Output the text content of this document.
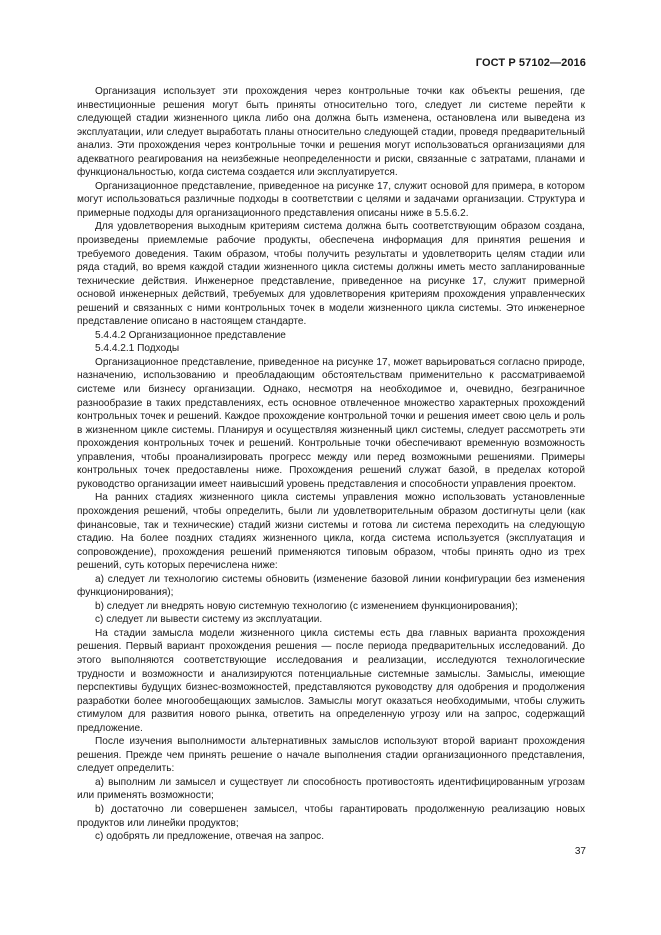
ГОСТ Р 57102—2016

Организация использует эти прохождения через контрольные точки как объекты решения, где инвестиционные решения могут быть приняты относительно того, следует ли системе перейти к следующей стадии жизненного цикла либо она должна быть изменена, остановлена или выведена из эксплуатации, или следует выработать планы относительно следующей стадии, проведя предварительный анализ. Эти прохождения через контрольные точки и решения могут использоваться организациями для адекватного реагирования на неизбежные неопределенности и риски, связанные с затратами, планами и функциональностью, когда система создается или эксплуатируется.

Организационное представление, приведенное на рисунке 17, служит основой для примера, в котором могут использоваться различные подходы в соответствии с целями и задачами организации. Структура и примерные подходы для организационного представления описаны ниже в 5.5.6.2.

Для удовлетворения выходным критериям система должна быть соответствующим образом создана, произведены приемлемые рабочие продукты, обеспечена информация для принятия решения и требуемого доведения. Таким образом, чтобы получить результаты и удовлетворить целям стадии или ряда стадий, во время каждой стадии жизненного цикла системы должны иметь место запланированные технические действия. Инженерное представление, приведенное на рисунке 17, служит примерной основой инженерных действий, требуемых для удовлетворения критериям прохождения управленческих решений и связанных с ними контрольных точек в модели жизненного цикла системы. Это инженерное представление описано в настоящем стандарте.

5.4.4.2 Организационное представление

5.4.4.2.1 Подходы

Организационное представление, приведенное на рисунке 17, может варьироваться согласно природе, назначению, использованию и преобладающим обстоятельствам применительно к рассматриваемой системе или бизнесу организации. Однако, несмотря на необходимое и, очевидно, безграничное разнообразие в таких представлениях, есть основное отвлеченное множество характерных прохождений контрольных точек и решений. Каждое прохождение контрольной точки и решения имеет свою цель и роль в жизненном цикле системы. Планируя и осуществляя жизненный цикл системы, следует рассмотреть эти прохождения контрольных точек и решений. Контрольные точки обеспечивают временную возможность управления, чтобы проанализировать прогресс между или перед возможными решениями. Примеры контрольных точек предоставлены ниже. Прохождения решений служат базой, в пределах которой руководство организации имеет наивысший уровень представления и способности управления проектом.

На ранних стадиях жизненного цикла системы управления можно использовать установленные прохождения решений, чтобы определить, были ли удовлетворительным образом достигнуты цели (как финансовые, так и технические) стадий жизни системы и готова ли система переходить на следующую стадию. На более поздних стадиях жизненного цикла, когда система используется (эксплуатация и сопровождение), прохождения решений применяются типовым образом, чтобы принять одно из трех решений, суть которых перечислена ниже:

a) следует ли технологию системы обновить (изменение базовой линии конфигурации без изменения функционирования);

b) следует ли внедрять новую системную технологию (с изменением функционирования);

c) следует ли вывести систему из эксплуатации.

На стадии замысла модели жизненного цикла системы есть два главных варианта прохождения решения. Первый вариант прохождения решения — после периода предварительных исследований. До этого выполняются соответствующие исследования и реализации, исследуются технологические трудности и возможности и анализируются потенциальные системные замыслы. Замыслы, имеющие перспективы будущих бизнес-возможностей, представляются руководству для одобрения и продолжения разработки более многообещающих замыслов. Замыслы могут оказаться необходимыми, чтобы служить стимулом для развития нового рынка, ответить на определенную угрозу или на запрос, содержащий предложение.

После изучения выполнимости альтернативных замыслов используют второй вариант прохождения решения. Прежде чем принять решение о начале выполнения стадии организационного представления, следует определить:

a) выполним ли замысел и существует ли способность противостоять идентифицированным угрозам или применять возможности;

b) достаточно ли совершенен замысел, чтобы гарантировать продолженную реализацию новых продуктов или линейки продуктов;

c) одобрять ли предложение, отвечая на запрос.

37
